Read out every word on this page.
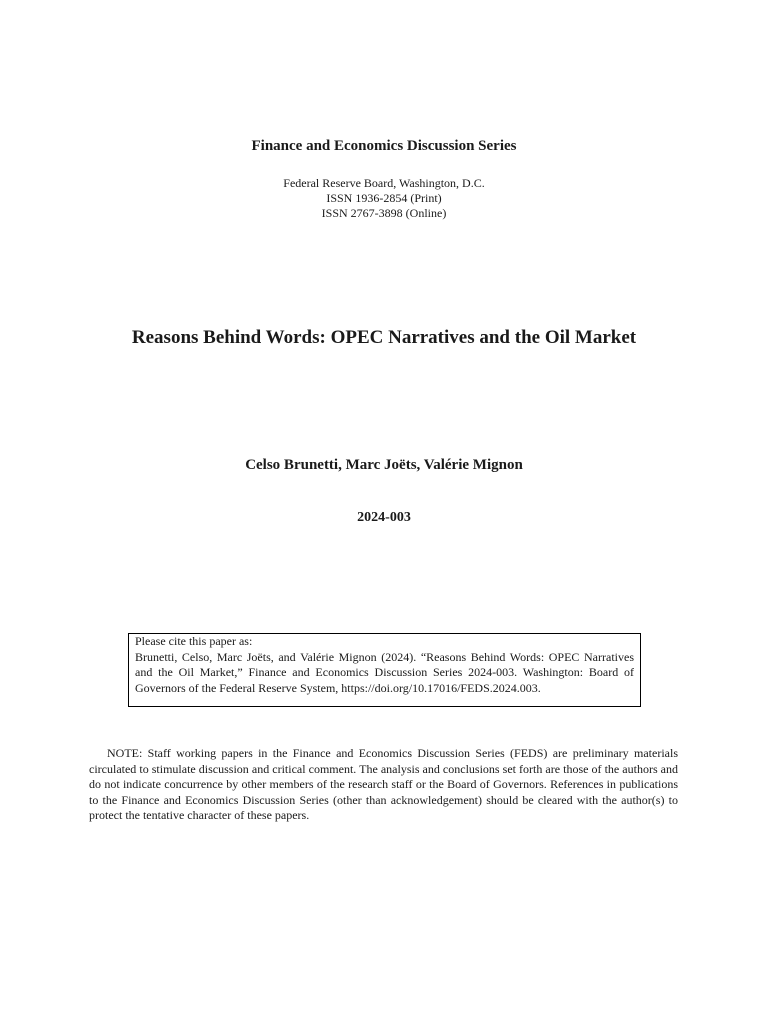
Finance and Economics Discussion Series
Federal Reserve Board, Washington, D.C.
ISSN 1936-2854 (Print)
ISSN 2767-3898 (Online)
Reasons Behind Words: OPEC Narratives and the Oil Market
Celso Brunetti, Marc Joëts, Valérie Mignon
2024-003
Please cite this paper as:
Brunetti, Celso, Marc Joëts, and Valérie Mignon (2024). “Reasons Behind Words: OPEC Narratives and the Oil Market,” Finance and Economics Discussion Series 2024-003. Washington: Board of Governors of the Federal Reserve System, https://doi.org/10.17016/FEDS.2024.003.
NOTE: Staff working papers in the Finance and Economics Discussion Series (FEDS) are preliminary materials circulated to stimulate discussion and critical comment. The analysis and conclusions set forth are those of the authors and do not indicate concurrence by other members of the research staff or the Board of Governors. References in publications to the Finance and Economics Discussion Series (other than acknowledgement) should be cleared with the author(s) to protect the tentative character of these papers.
